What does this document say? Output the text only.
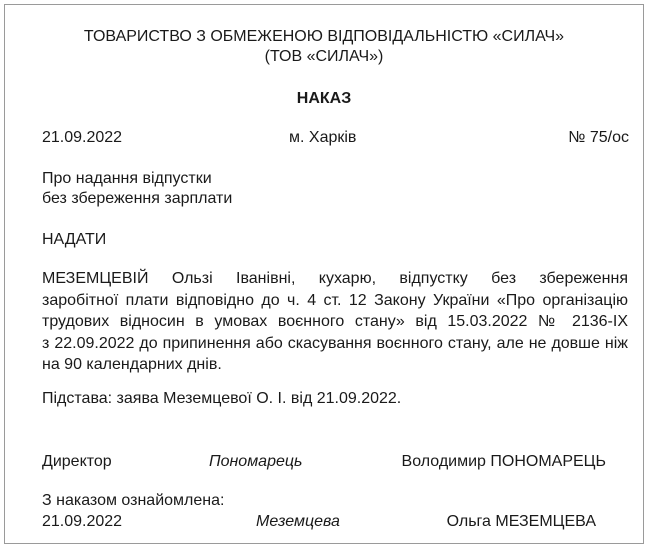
ТОВАРИСТВО З ОБМЕЖЕНОЮ ВІДПОВІДАЛЬНІСТЮ «СИЛАЧ»
(ТОВ «СИЛАЧ»)
НАКАЗ
21.09.2022	м. Харків	№ 75/ос
Про надання відпустки
без збереження зарплати
НАДАТИ
МЕЗЕМЦЕВІЙ Ользі Іванівні, кухарю, відпустку без збереження
заробітної плати відповідно до ч. 4 ст. 12 Закону України «Про організацію
трудових відносин в умовах воєнного стану» від 15.03.2022 № 2136-IX
з 22.09.2022 до припинення або скасування воєнного стану, але не довше ніж
на 90 календарних днів.
Підстава: заява Меземцевої О. І. від 21.09.2022.
Директор	Пономарець	Володимир ПОНОМАРЕЦЬ
З наказом ознайомлена:
21.09.2022	Меземцева	Ольга МЕЗЕМЦЕВА
